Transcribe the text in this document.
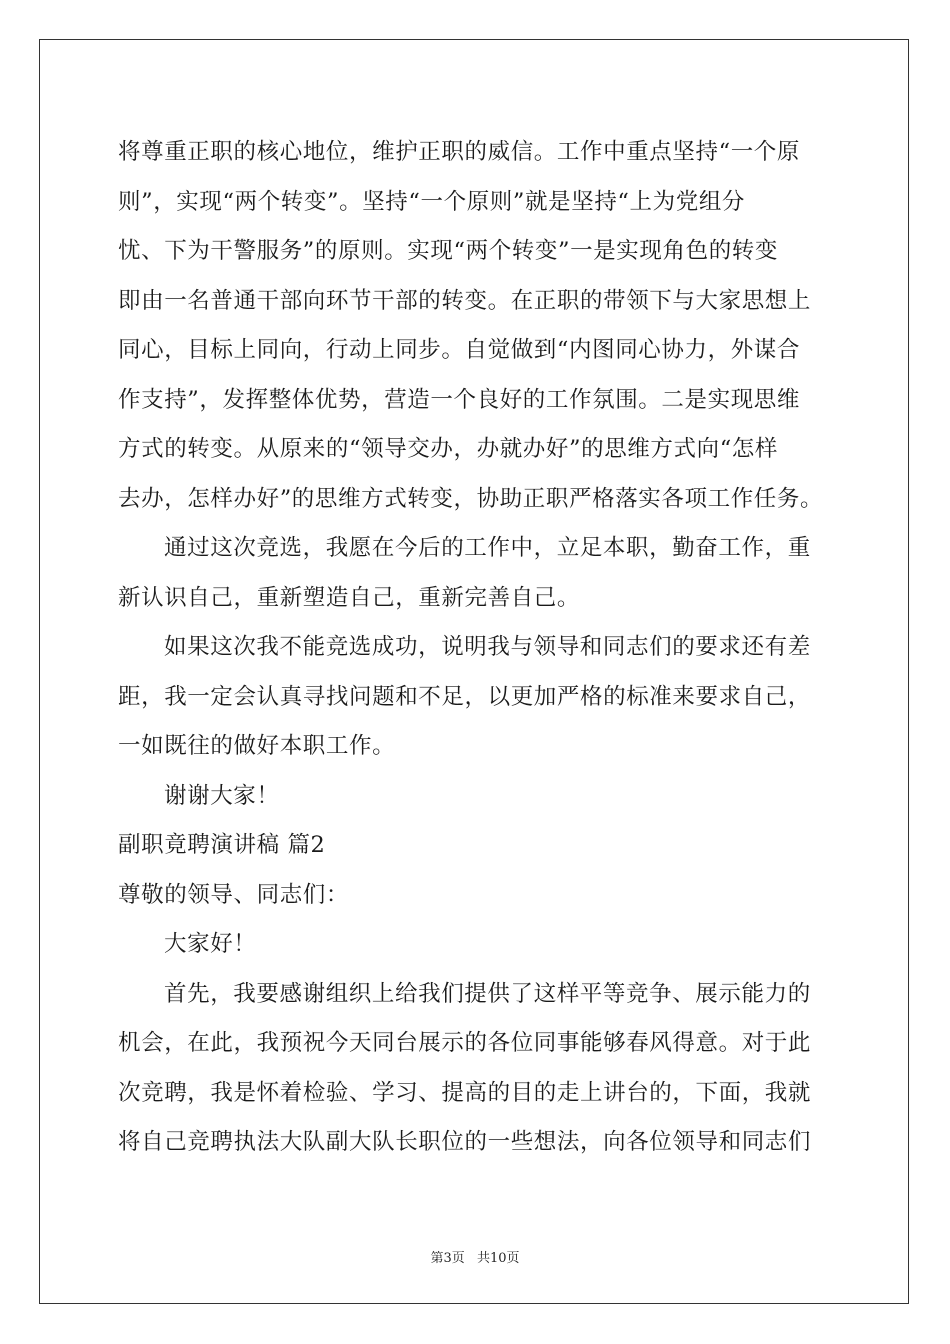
将尊重正职的核心地位，维护正职的威信。工作中重点坚持“一个原
则”，实现“两个转变”。坚持“一个原则”就是坚持“上为党组分
忧、下为干警服务”的原则。实现“两个转变”一是实现角色的转变
即由一名普通干部向环节干部的转变。在正职的带领下与大家思想上
同心，目标上同向，行动上同步。自觉做到“内图同心协力，外谋合
作支持”，发挥整体优势，营造一个良好的工作氛围。二是实现思维
方式的转变。从原来的“领导交办，办就办好”的思维方式向“怎样
去办，怎样办好”的思维方式转变，协助正职严格落实各项工作任务。
通过这次竞选，我愿在今后的工作中，立足本职，勤奋工作，重
新认识自己，重新塑造自己，重新完善自己。
如果这次我不能竞选成功，说明我与领导和同志们的要求还有差
距，我一定会认真寻找问题和不足，以更加严格的标准来要求自己，
一如既往的做好本职工作。
谢谢大家！
副职竟聘演讲稿 篇2
尊敬的领导、同志们：
大家好！
首先，我要感谢组织上给我们提供了这样平等竞争、展示能力的
机会，在此，我预祝今天同台展示的各位同事能够春风得意。对于此
次竞聘，我是怀着检验、学习、提高的目的走上讲台的，下面，我就
将自己竞聘执法大队副大队长职位的一些想法，向各位领导和同志们
第3页 共10页
